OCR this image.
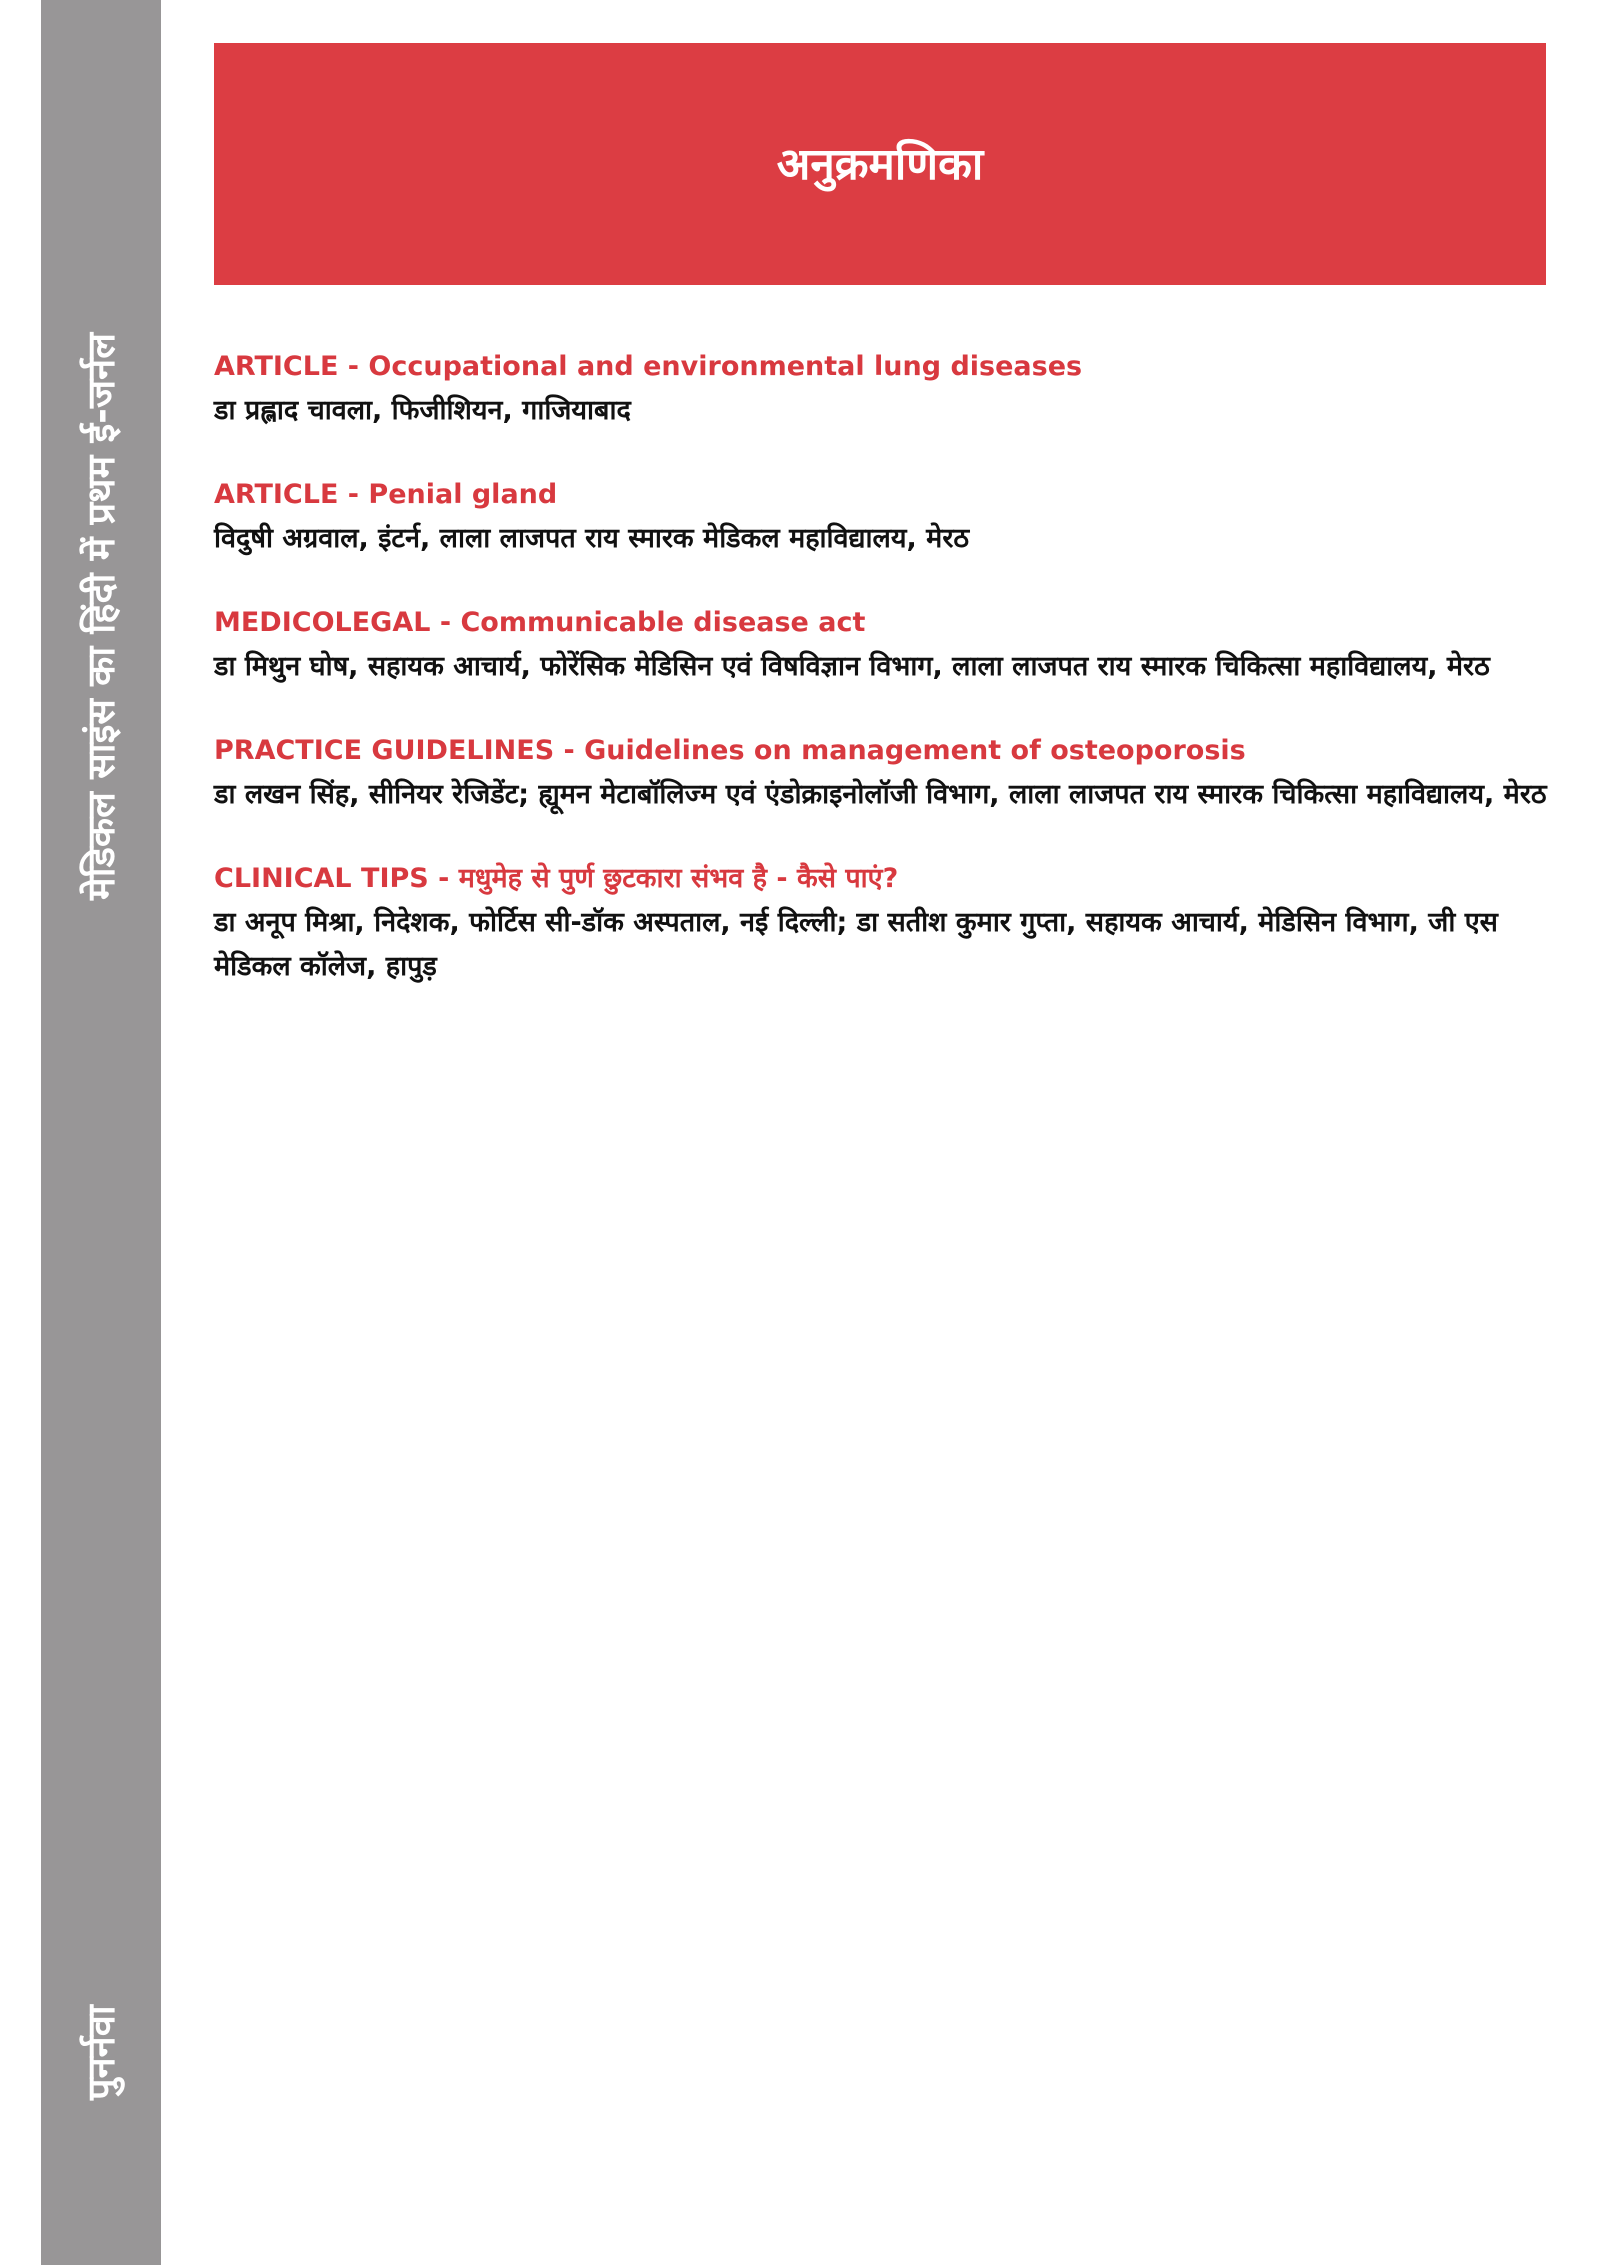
मेडिकल साइंस का हिंदी में प्रथम ई-जर्नल
पुनर्नवा
अनुक्रमणिका
ARTICLE - Occupational and environmental lung diseases
डा प्रह्लाद चावला, फिजीशियन, गाजियाबाद
ARTICLE - Penial gland
विदुषी अग्रवाल, इंटर्न, लाला लाजपत राय स्मारक मेडिकल महाविद्यालय, मेरठ
MEDICOLEGAL - Communicable disease act
डा मिथुन घोष, सहायक आचार्य, फोरेंसिक मेडिसिन एवं विषविज्ञान विभाग, लाला लाजपत राय स्मारक चिकित्सा महाविद्यालय, मेरठ
PRACTICE GUIDELINES - Guidelines on management of osteoporosis
डा लखन सिंह, सीनियर रेजिडेंट; ह्यूमन मेटाबॉलिज्म एवं एंडोक्राइनोलॉजी विभाग, लाला लाजपत राय स्मारक चिकित्सा महाविद्यालय, मेरठ
CLINICAL TIPS - मधुमेह से पुर्ण छुटकारा संभव है - कैसे पाएं?
डा अनूप मिश्रा, निदेशक, फोर्टिस सी-डॉक अस्पताल, नई दिल्ली; डा सतीश कुमार गुप्ता, सहायक आचार्य, मेडिसिन विभाग, जी एस मेडिकल कॉलेज, हापुड़
